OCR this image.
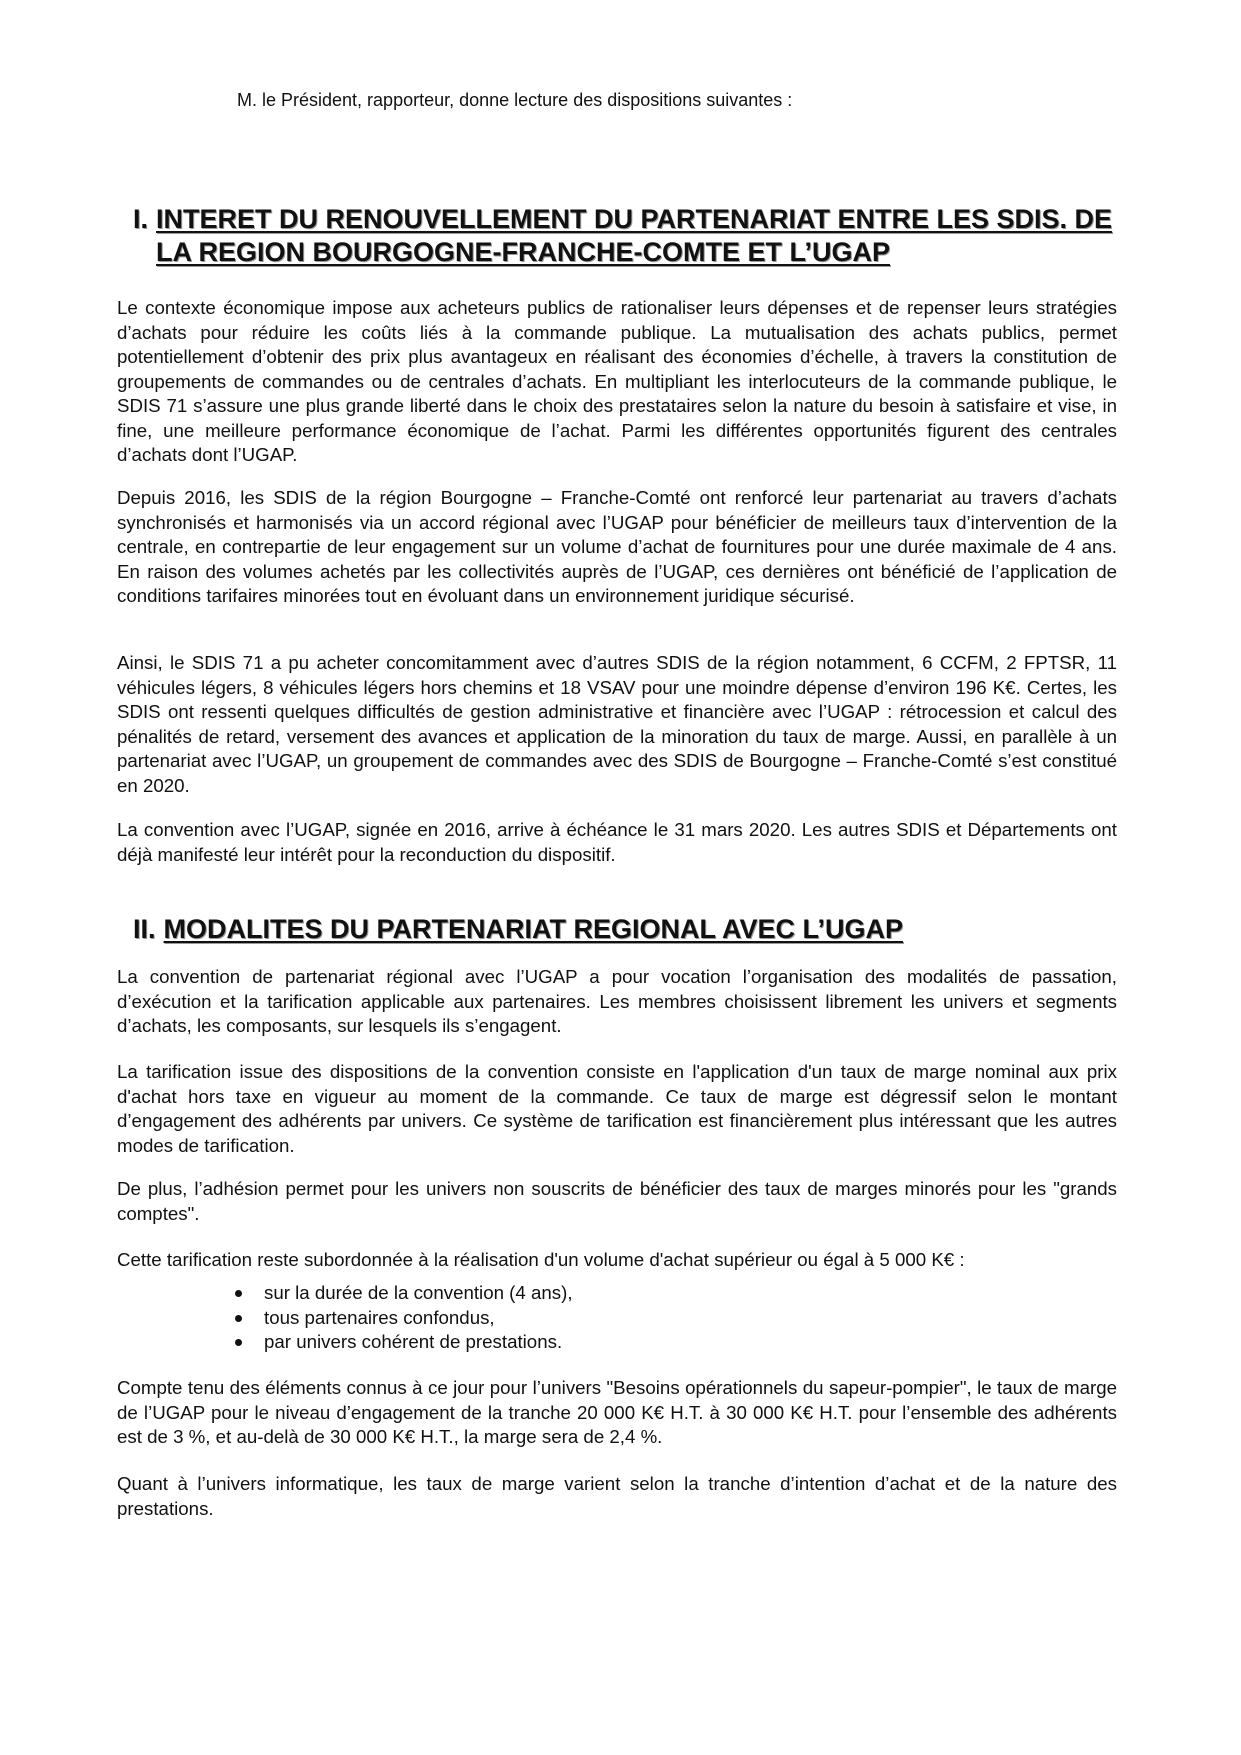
M. le Président, rapporteur, donne lecture des dispositions suivantes :
I. INTERET DU RENOUVELLEMENT DU PARTENARIAT ENTRE LES SDIS. DE
LA REGION BOURGOGNE-FRANCHE-COMTE ET L’UGAP

Le contexte économique impose aux acheteurs publics de rationaliser leurs dépenses et de repenser leurs stratégies d’achats pour réduire les coûts liés à la commande publique. La mutualisation des achats publics, permet potentiellement d’obtenir des prix plus avantageux en réalisant des économies d’échelle, à travers la constitution de groupements de commandes ou de centrales d’achats. En multipliant les interlocuteurs de la commande publique, le SDIS 71 s’assure une plus grande liberté dans le choix des prestataires selon la nature du besoin à satisfaire et vise, in fine, une meilleure performance économique de l’achat. Parmi les différentes opportunités figurent des centrales d’achats dont l’UGAP.

Depuis 2016, les SDIS de la région Bourgogne – Franche-Comté ont renforcé leur partenariat au travers d’achats synchronisés et harmonisés via un accord régional avec l’UGAP pour bénéficier de meilleurs taux d’intervention de la centrale, en contrepartie de leur engagement sur un volume d’achat de fournitures pour une durée maximale de 4 ans. En raison des volumes achetés par les collectivités auprès de l’UGAP, ces dernières ont bénéficié de l’application de conditions tarifaires minorées tout en évoluant dans un environnement juridique sécurisé.

Ainsi, le SDIS 71 a pu acheter concomitamment avec d’autres SDIS de la région notamment, 6 CCFM, 2 FPTSR, 11 véhicules légers, 8 véhicules légers hors chemins et 18 VSAV pour une moindre dépense d’environ 196 K€. Certes, les SDIS ont ressenti quelques difficultés de gestion administrative et financière avec l’UGAP : rétrocession et calcul des pénalités de retard, versement des avances et application de la minoration du taux de marge. Aussi, en parallèle à un partenariat avec l’UGAP, un groupement de commandes avec des SDIS de Bourgogne – Franche-Comté s’est constitué en 2020.

La convention avec l’UGAP, signée en 2016, arrive à échéance le 31 mars 2020. Les autres SDIS et Départements ont déjà manifesté leur intérêt pour la reconduction du dispositif.

II. MODALITES DU PARTENARIAT REGIONAL AVEC L’UGAP

La convention de partenariat régional avec l’UGAP a pour vocation l’organisation des modalités de passation, d’exécution et la tarification applicable aux partenaires. Les membres choisissent librement les univers et segments d’achats, les composants, sur lesquels ils s’engagent.

La tarification issue des dispositions de la convention consiste en l'application d'un taux de marge nominal aux prix d'achat hors taxe en vigueur au moment de la commande. Ce taux de marge est dégressif selon le montant d’engagement des adhérents par univers. Ce système de tarification est financièrement plus intéressant que les autres modes de tarification.

De plus, l’adhésion permet pour les univers non souscrits de bénéficier des taux de marges minorés pour les "grands comptes".

Cette tarification reste subordonnée à la réalisation d'un volume d'achat supérieur ou égal à 5 000 K€ :

sur la durée de la convention (4 ans),
tous partenaires confondus,
par univers cohérent de prestations.

Compte tenu des éléments connus à ce jour pour l’univers "Besoins opérationnels du sapeur-pompier", le taux de marge de l’UGAP pour le niveau d’engagement de la tranche 20 000 K€ H.T. à 30 000 K€ H.T. pour l’ensemble des adhérents est de 3 %, et au-delà de 30 000 K€ H.T., la marge sera de 2,4 %.

Quant à l’univers informatique, les taux de marge varient selon la tranche d’intention d’achat et de la nature des prestations.
